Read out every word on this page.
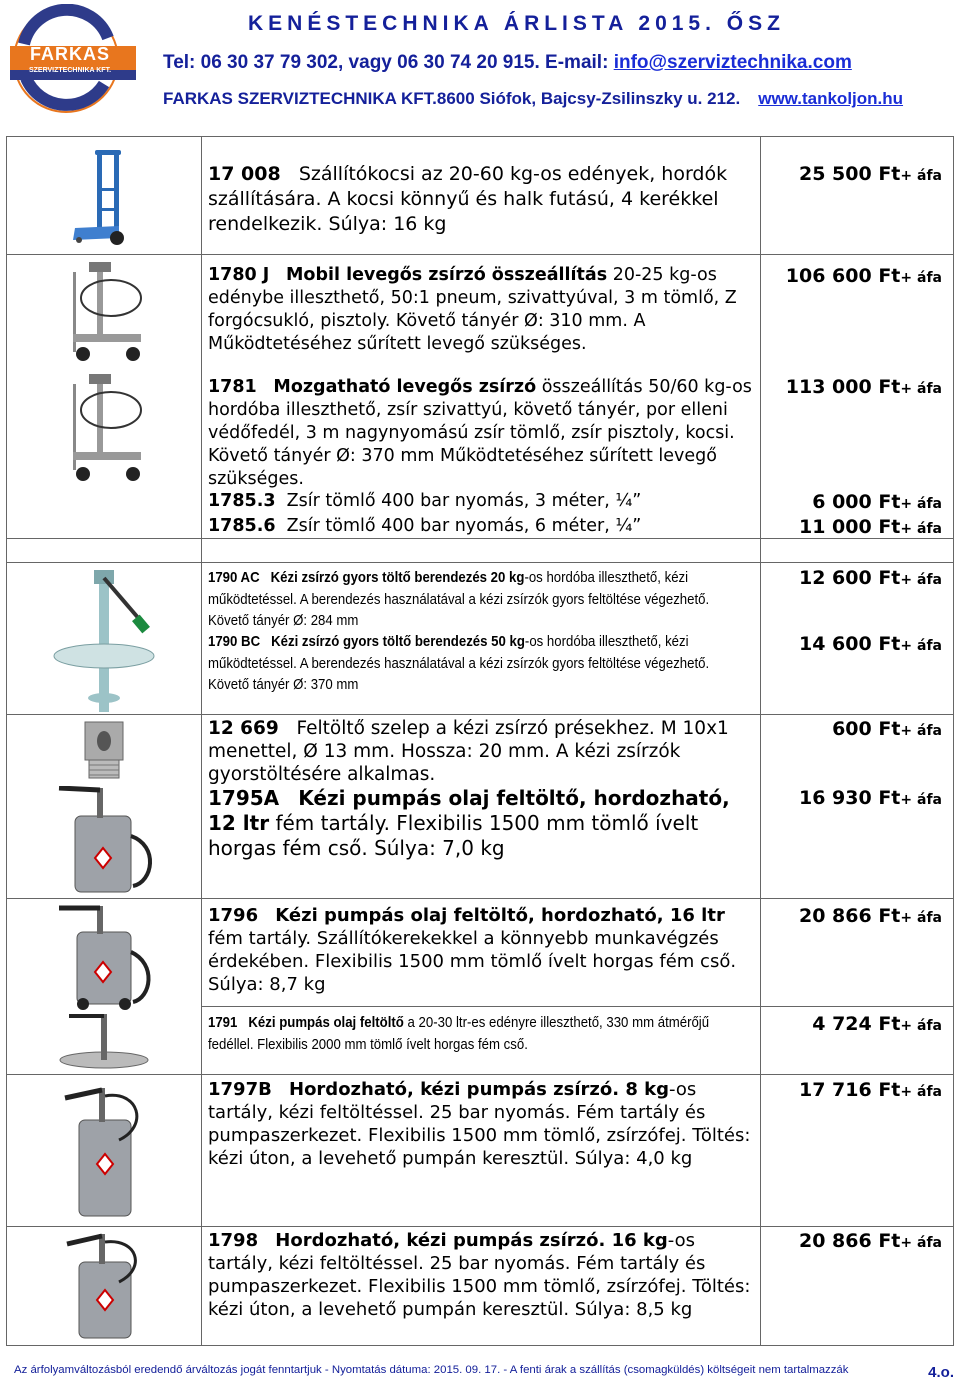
FARKAS
SZERVIZTECHNIKA KFT.
KENÉSTECHNIKA ÁRLISTA 2015. ŐSZ
Tel: 06 30 37 79 302, vagy 06 30 74 20 915. E-mail: info@szerviztechnika.com
FARKAS SZERVIZTECHNIKA KFT.8600 Siófok, Bajcsy-Zsilinszky u. 212. www.tankoljon.hu
17 008 Szállítókocsi az 20-60 kg-os edények, hordók szállítására. A kocsi könnyű és halk futású, 4 kerékkel rendelkezik. Súlya: 16 kg
25 500 Ft+ áfa
1780 J Mobil levegős zsírzó összeállítás 20-25 kg-os edénybe illeszthető, 50:1 pneum, szivattyúval, 3 m tömlő, Z forgócsukló, pisztoly. Követő tányér Ø: 310 mm. A Működtetéséhez sűrített levegő szükséges.
106 600 Ft+ áfa
1781 Mozgatható levegős zsírzó összeállítás 50/60 kg-os hordóba illeszthető, zsír szivattyú, követő tányér, por elleni védőfedél, 3 m nagynyomású zsír tömlő, zsír pisztoly, kocsi. Követő tányér Ø: 370 mm Működtetéséhez sűrített levegő szükséges.
113 000 Ft+ áfa
1785.3 Zsír tömlő 400 bar nyomás, 3 méter, ¼”	6 000 Ft+ áfa
1785.6 Zsír tömlő 400 bar nyomás, 6 méter, ¼”	11 000 Ft+ áfa
1790 AC Kézi zsírzó gyors töltő berendezés 20 kg-os hordóba illeszthető, kézi működtetéssel. A berendezés használatával a kézi zsírzók gyors feltöltése végezhető. Követő tányér Ø: 284 mm
12 600 Ft+ áfa
1790 BC Kézi zsírzó gyors töltő berendezés 50 kg-os hordóba illeszthető, kézi működtetéssel. A berendezés használatával a kézi zsírzók gyors feltöltése végezhető. Követő tányér Ø: 370 mm
14 600 Ft+ áfa
12 669 Feltöltő szelep a kézi zsírzó présekhez. M 10x1 menettel, Ø 13 mm. Hossza: 20 mm. A kézi zsírzók gyorstöltésére alkalmas.
600 Ft+ áfa
1795A Kézi pumpás olaj feltöltő, hordozható, 12 ltr fém tartály. Flexibilis 1500 mm tömlő ívelt horgas fém cső. Súlya: 7,0 kg
16 930 Ft+ áfa
1796 Kézi pumpás olaj feltöltő, hordozható, 16 ltr fém tartály. Szállítókerekekkel a könnyebb munkavégzés érdekében. Flexibilis 1500 mm tömlő ívelt horgas fém cső. Súlya: 8,7 kg
20 866 Ft+ áfa
1791 Kézi pumpás olaj feltöltő a 20-30 ltr-es edényre illeszthető, 330 mm átmérőjű fedéllel. Flexibilis 2000 mm tömlő ívelt horgas fém cső.
4 724 Ft+ áfa
1797B Hordozható, kézi pumpás zsírzó. 8 kg-os tartály, kézi feltöltéssel. 25 bar nyomás. Fém tartály és pumpaszerkezet. Flexibilis 1500 mm tömlő, zsírzófej. Töltés: kézi úton, a levehető pumpán keresztül. Súlya: 4,0 kg
17 716 Ft+ áfa
1798 Hordozható, kézi pumpás zsírzó. 16 kg-os tartály, kézi feltöltéssel. 25 bar nyomás. Fém tartály és pumpaszerkezet. Flexibilis 1500 mm tömlő, zsírzófej. Töltés: kézi úton, a levehető pumpán keresztül. Súlya: 8,5 kg
20 866 Ft+ áfa
Az árfolyamváltozásból eredendő árváltozás jogát fenntartjuk - Nyomtatás dátuma: 2015. 09. 17. - A fenti árak a szállítás (csomagküldés) költségeit nem tartalmazzák	4.o.
